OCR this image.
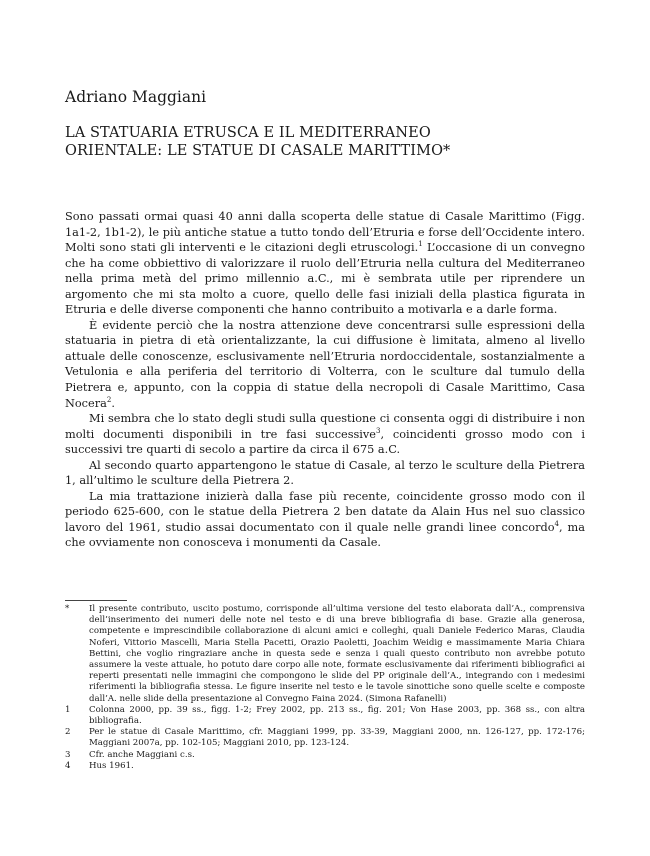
Adriano Maggiani
LA STATUARIA ETRUSCA E IL MEDITERRANEO ORIENTALE: LE STATUE DI CASALE MARITTIMO*

Sono passati ormai quasi 40 anni dalla scoperta delle statue di Casale Marittimo (Figg. 1a1-2, 1b1-2), le più antiche statue a tutto tondo dell’Etruria e forse dell’Occidente intero. Molti sono stati gli interventi e le citazioni degli etruscologi.$^1$ L’occasione di un convegno che ha come obbiettivo di valorizzare il ruolo dell’Etruria nella cultura del Mediterraneo nella prima metà del primo millennio a.C., mi è sembrata utile per riprendere un argomento che mi sta molto a cuore, quello delle fasi iniziali della plastica figurata in Etruria e delle diverse componenti che hanno contribuito a motivarla e a darle forma.

È evidente perciò che la nostra attenzione deve concentrarsi sulle espressioni della statuaria in pietra di età orientalizzante, la cui diffusione è limitata, almeno al livello attuale delle conoscenze, esclusivamente nell’Etruria nordoccidentale, sostanzialmente a Vetulonia e alla periferia del territorio di Volterra, con le sculture dal tumulo della Pietrera e, appunto, con la coppia di statue della necropoli di Casale Marittimo, Casa Nocera$^2$.

Mi sembra che lo stato degli studi sulla questione ci consenta oggi di distribuire i non molti documenti disponibili in tre fasi successive$^3$, coincidenti grosso modo con i successivi tre quarti di secolo a partire da circa il 675 a.C.

Al secondo quarto appartengono le statue di Casale, al terzo le sculture della Pietrera 1, all’ultimo le sculture della Pietrera 2.

La mia trattazione inizierà dalla fase più recente, coincidente grosso modo con il periodo 625-600, con le statue della Pietrera 2 ben datate da Alain Hus nel suo classico lavoro del 1961, studio assai documentato con il quale nelle grandi linee concordo$^4$, ma che ovviamente non conosceva i monumenti da Casale.

*	Il presente contributo, uscito postumo, corrisponde all’ultima versione del testo elaborata dall’A., comprensiva dell’inserimento dei numeri delle note nel testo e di una breve bibliografia di base. Grazie alla generosa, competente e imprescindibile collaborazione di alcuni amici e colleghi, quali Daniele Federico Maras, Claudia Noferi, Vittorio Mascelli, Maria Stella Pacetti, Orazio Paoletti, Joachim Weidig e massimamente Maria Chiara Bettini, che voglio ringraziare anche in questa sede e senza i quali questo contributo non avrebbe potuto assumere la veste attuale, ho potuto dare corpo alle note, formate esclusivamente dai riferimenti bibliografici ai reperti presentati nelle immagini che compongono le slide del PP originale dell’A., integrando con i medesimi riferimenti la bibliografia stessa. Le figure inserite nel testo e le tavole sinottiche sono quelle scelte e composte dall’A. nelle slide della presentazione al Convegno Faina 2024. (Simona Rafanelli)
1	Colonna 2000, pp. 39 ss., figg. 1-2; Frey 2002, pp. 213 ss., fig. 201; Von Hase 2003, pp. 368 ss., con altra bibliografia.
2	Per le statue di Casale Marittimo, cfr. Maggiani 1999, pp. 33-39, Maggiani 2000, nn. 126-127, pp. 172-176; Maggiani 2007a, pp. 102-105; Maggiani 2010, pp. 123-124.
3	Cfr. anche Maggiani c.s.
4	Hus 1961.
